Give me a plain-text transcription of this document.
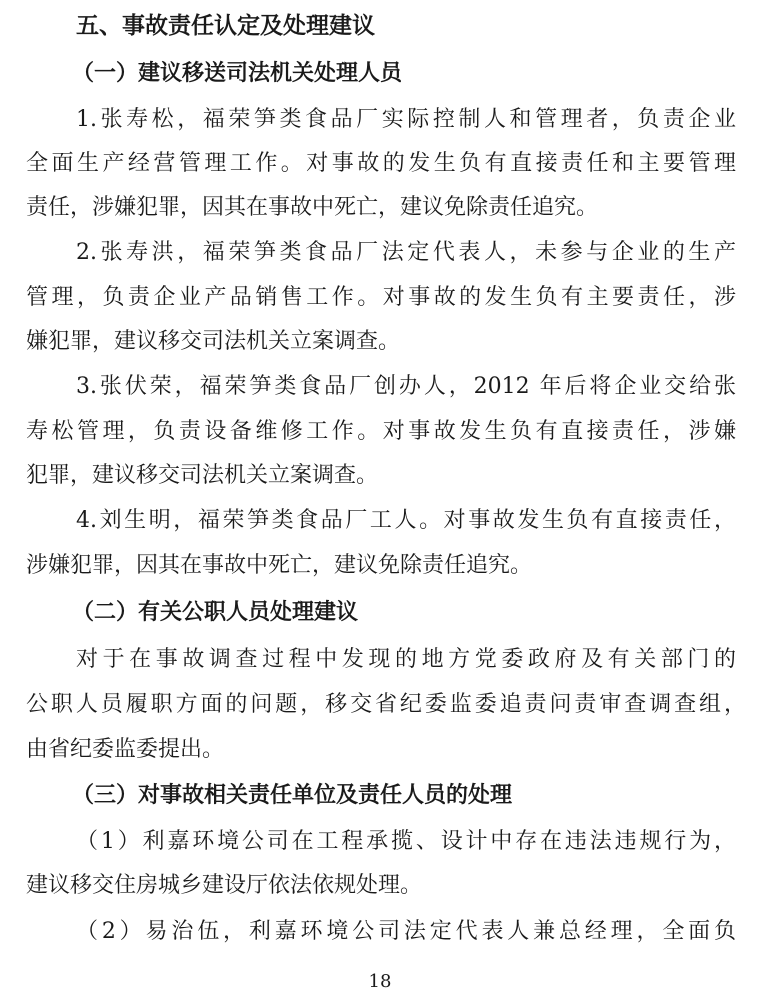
五、事故责任认定及处理建议
（一）建议移送司法机关处理人员
1.张寿松，福荣笋类食品厂实际控制人和管理者，负责企业
全面生产经营管理工作。对事故的发生负有直接责任和主要管理
责任，涉嫌犯罪，因其在事故中死亡，建议免除责任追究。
2.张寿洪，福荣笋类食品厂法定代表人，未参与企业的生产
管理，负责企业产品销售工作。对事故的发生负有主要责任，涉
嫌犯罪，建议移交司法机关立案调查。
3.张伏荣，福荣笋类食品厂创办人，2012 年后将企业交给张
寿松管理，负责设备维修工作。对事故发生负有直接责任，涉嫌
犯罪，建议移交司法机关立案调查。
4.刘生明，福荣笋类食品厂工人。对事故发生负有直接责任，
涉嫌犯罪，因其在事故中死亡，建议免除责任追究。
（二）有关公职人员处理建议
对于在事故调查过程中发现的地方党委政府及有关部门的
公职人员履职方面的问题，移交省纪委监委追责问责审查调查组，
由省纪委监委提出。
（三）对事故相关责任单位及责任人员的处理
（1）利嘉环境公司在工程承揽、设计中存在违法违规行为，
建议移交住房城乡建设厅依法依规处理。
（2）易治伍，利嘉环境公司法定代表人兼总经理，全面负
18
